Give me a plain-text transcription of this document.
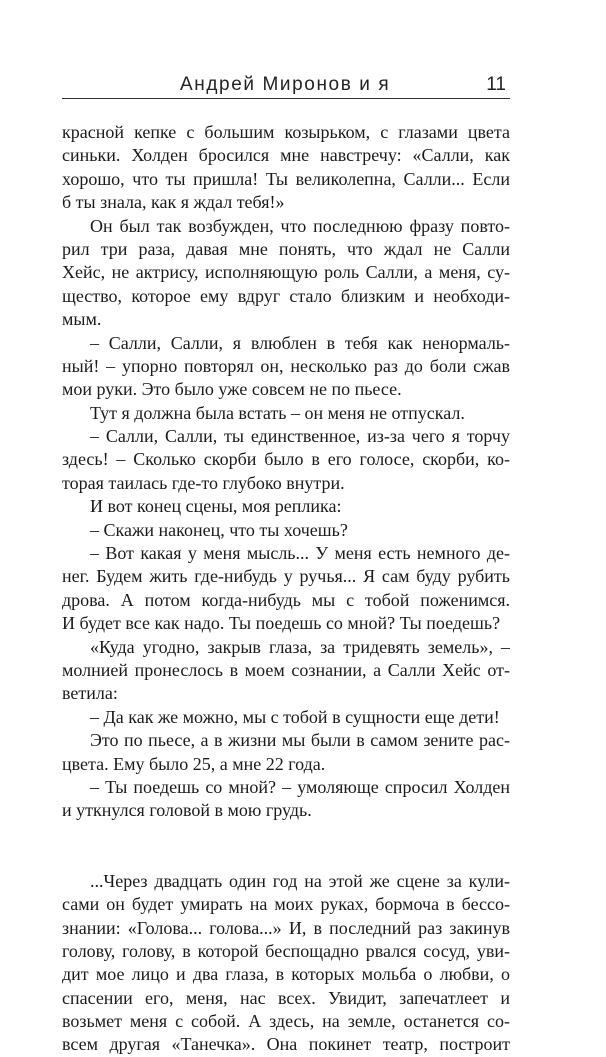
Андрей Миронов и я	11
красной кепке с большим козырьком, с глазами цвета
синьки. Холден бросился мне навстречу: «Салли, как
хорошо, что ты пришла! Ты великолепна, Салли... Если
б ты знала, как я ждал тебя!»
Он был так возбужден, что последнюю фразу повто-
рил три раза, давая мне понять, что ждал не Салли
Хейс, не актрису, исполняющую роль Салли, а меня, су-
щество, которое ему вдруг стало близким и необходи-
мым.
– Салли, Салли, я влюблен в тебя как ненормаль-
ный! – упорно повторял он, несколько раз до боли сжав
мои руки. Это было уже совсем не по пьесе.
Тут я должна была встать – он меня не отпускал.
– Салли, Салли, ты единственное, из-за чего я торчу
здесь! – Сколько скорби было в его голосе, скорби, ко-
торая таилась где-то глубоко внутри.
И вот конец сцены, моя реплика:
– Скажи наконец, что ты хочешь?
– Вот какая у меня мысль... У меня есть немного де-
нег. Будем жить где-нибудь у ручья... Я сам буду рубить
дрова. А потом когда-нибудь мы с тобой поженимся.
И будет все как надо. Ты поедешь со мной? Ты поедешь?
«Куда угодно, закрыв глаза, за тридевять земель», –
молнией пронеслось в моем сознании, а Салли Хейс от-
ветила:
– Да как же можно, мы с тобой в сущности еще дети!
Это по пьесе, а в жизни мы были в самом зените рас-
цвета. Ему было 25, а мне 22 года.
– Ты поедешь со мной? – умоляюще спросил Холден
и уткнулся головой в мою грудь.
...Через двадцать один год на этой же сцене за кули-
сами он будет умирать на моих руках, бормоча в бессо-
знании: «Голова... голова...» И, в последний раз закинув
голову, голову, в которой беспощадно рвался сосуд, уви-
дит мое лицо и два глаза, в которых мольба о любви, о
спасении его, меня, нас всех. Увидит, запечатлеет и
возьмет меня с собой. А здесь, на земле, останется со-
всем другая «Танечка». Она покинет театр, построит
